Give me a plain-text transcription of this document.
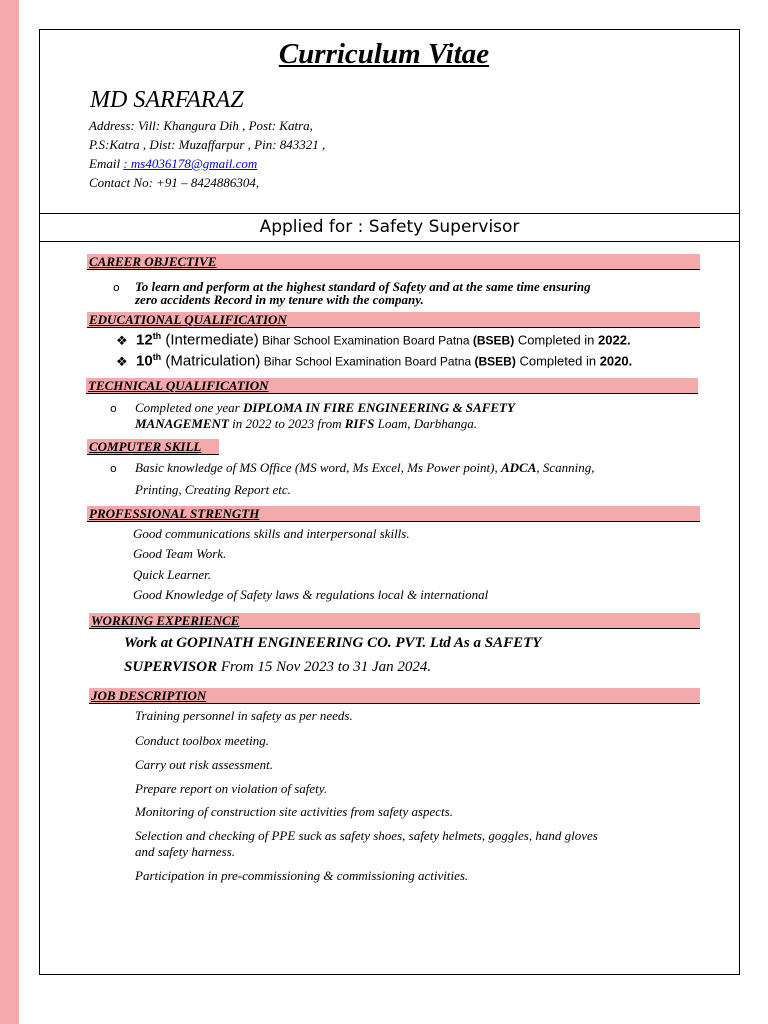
Curriculum Vitae
MD SARFARAZ
Address: Vill: Khangura Dih , Post: Katra,
P.S:Katra , Dist: Muzaffarpur , Pin: 843321 ,
Email : ms4036178@gmail.com
Contact No: +91 – 8424886304,
Applied for : Safety Supervisor
CAREER OBJECTIVE
o To learn and perform at the highest standard of Safety and at the same time ensuring
zero accidents Record in my tenure with the company.
EDUCATIONAL QUALIFICATION
❖ 12th (Intermediate) Bihar School Examination Board Patna (BSEB) Completed in 2022.
❖ 10th (Matriculation) Bihar School Examination Board Patna (BSEB) Completed in 2020.
TECHNICAL QUALIFICATION
o Completed one year DIPLOMA IN FIRE ENGINEERING & SAFETY
MANAGEMENT in 2022 to 2023 from RIFS Loam, Darbhanga.
COMPUTER SKILL
o Basic knowledge of MS Office (MS word, Ms Excel, Ms Power point), ADCA, Scanning,
Printing, Creating Report etc.
PROFESSIONAL STRENGTH
Good communications skills and interpersonal skills.
Good Team Work.
Quick Learner.
Good Knowledge of Safety laws & regulations local & international
WORKING EXPERIENCE
Work at GOPINATH ENGINEERING CO. PVT. Ltd As a SAFETY
SUPERVISOR From 15 Nov 2023 to 31 Jan 2024.
JOB DESCRIPTION
Training personnel in safety as per needs.
Conduct toolbox meeting.
Carry out risk assessment.
Prepare report on violation of safety.
Monitoring of construction site activities from safety aspects.
Selection and checking of PPE suck as safety shoes, safety helmets, goggles, hand gloves
and safety harness.
Participation in pre-commissioning & commissioning activities.
